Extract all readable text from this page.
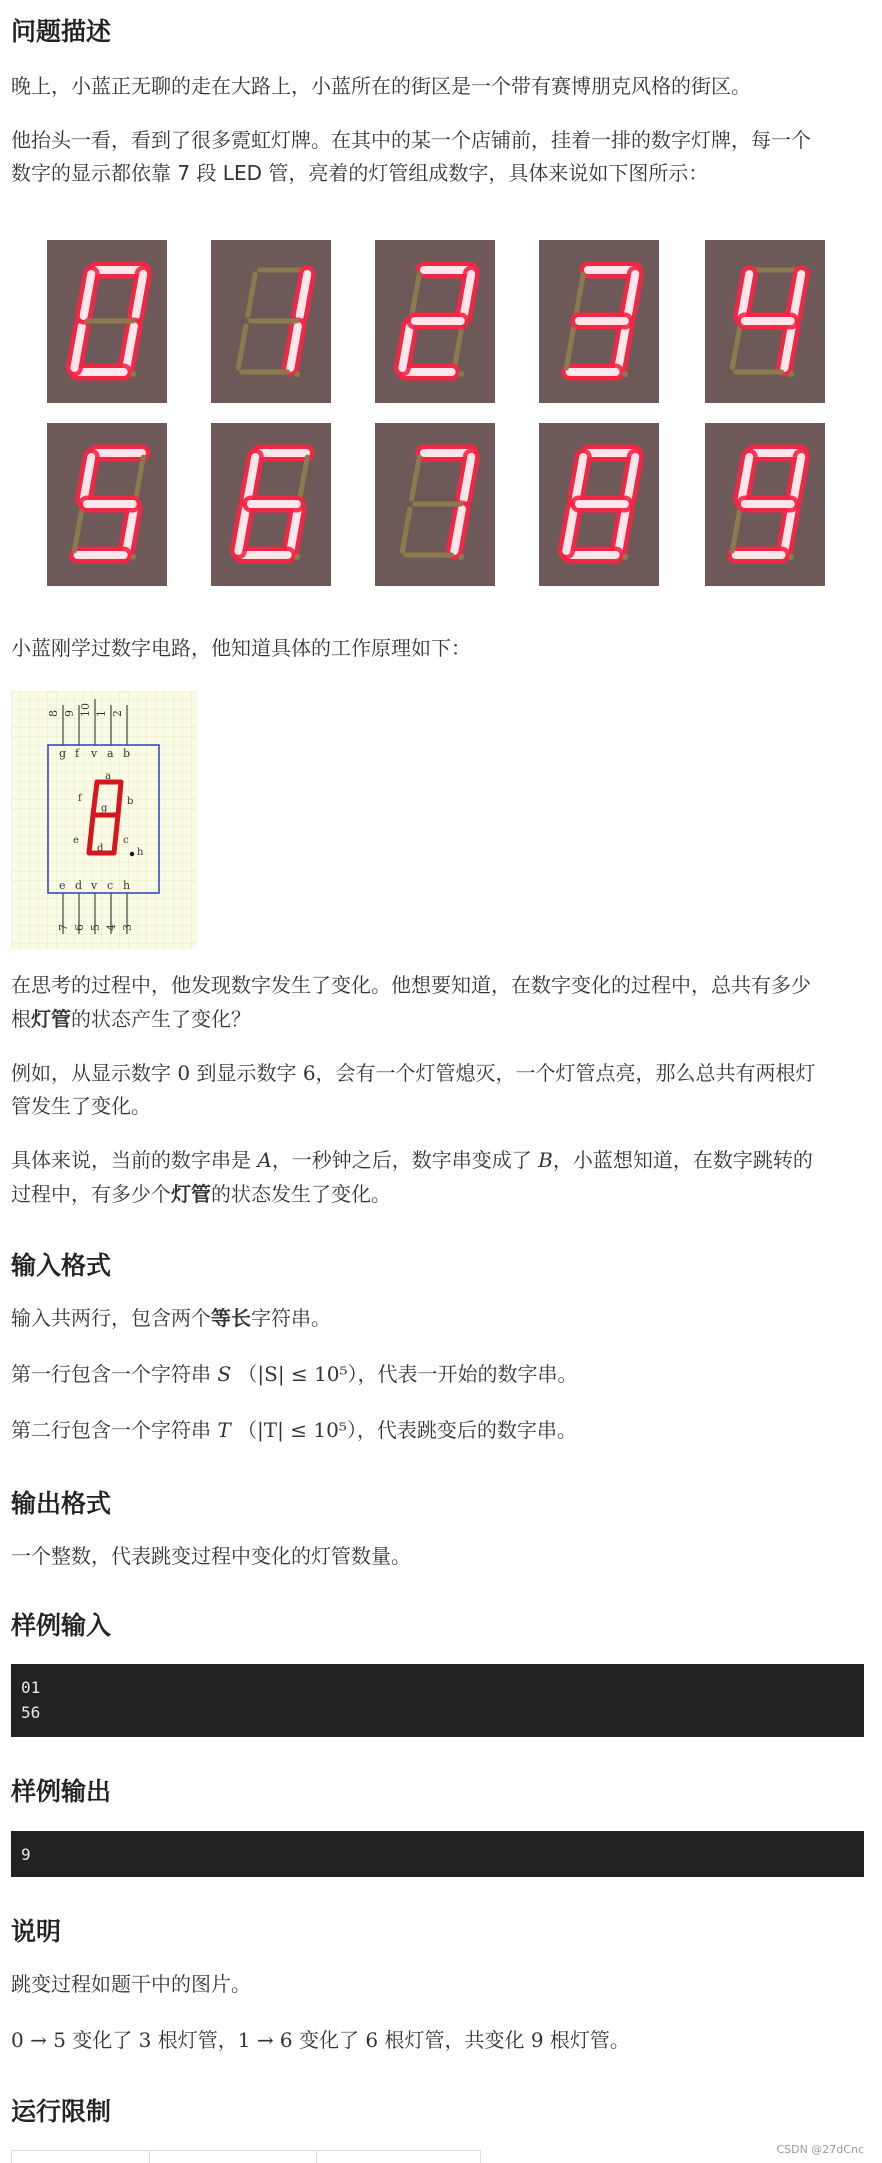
问题描述

晚上，小蓝正无聊的走在大路上，小蓝所在的街区是一个带有赛博朋克风格的街区。

他抬头一看，看到了很多霓虹灯牌。在其中的某一个店铺前，挂着一排的数字灯牌，每一个

数字的显示都依靠 7 段 LED 管，亮着的灯管组成数字，具体来说如下图所示：

小蓝刚学过数字电路，他知道具体的工作原理如下：

8 9 10 1 2
g f v a b
e d v c h
7 6 5 4 3
a
b
c
d
e
f
g
h

在思考的过程中，他发现数字发生了变化。他想要知道，在数字变化的过程中，总共有多少

根灯管的状态产生了变化？

例如，从显示数字 0 到显示数字 6，会有一个灯管熄灭，一个灯管点亮，那么总共有两根灯

管发生了变化。

具体来说，当前的数字串是 A，一秒钟之后，数字串变成了 B，小蓝想知道，在数字跳转的

过程中，有多少个灯管的状态发生了变化。

输入格式

输入共两行，包含两个等长字符串。

第一行包含一个字符串 S （|S| ≤ 10⁵），代表一开始的数字串。

第二行包含一个字符串 T （|T| ≤ 10⁵），代表跳变后的数字串。

输出格式

一个整数，代表跳变过程中变化的灯管数量。

样例输入
01
56
样例输出
9
说明

跳变过程如题干中的图片。

0 → 5 变化了 3 根灯管，1 → 6 变化了 6 根灯管，共变化 9 根灯管。

运行限制
CSDN @27dCnc
